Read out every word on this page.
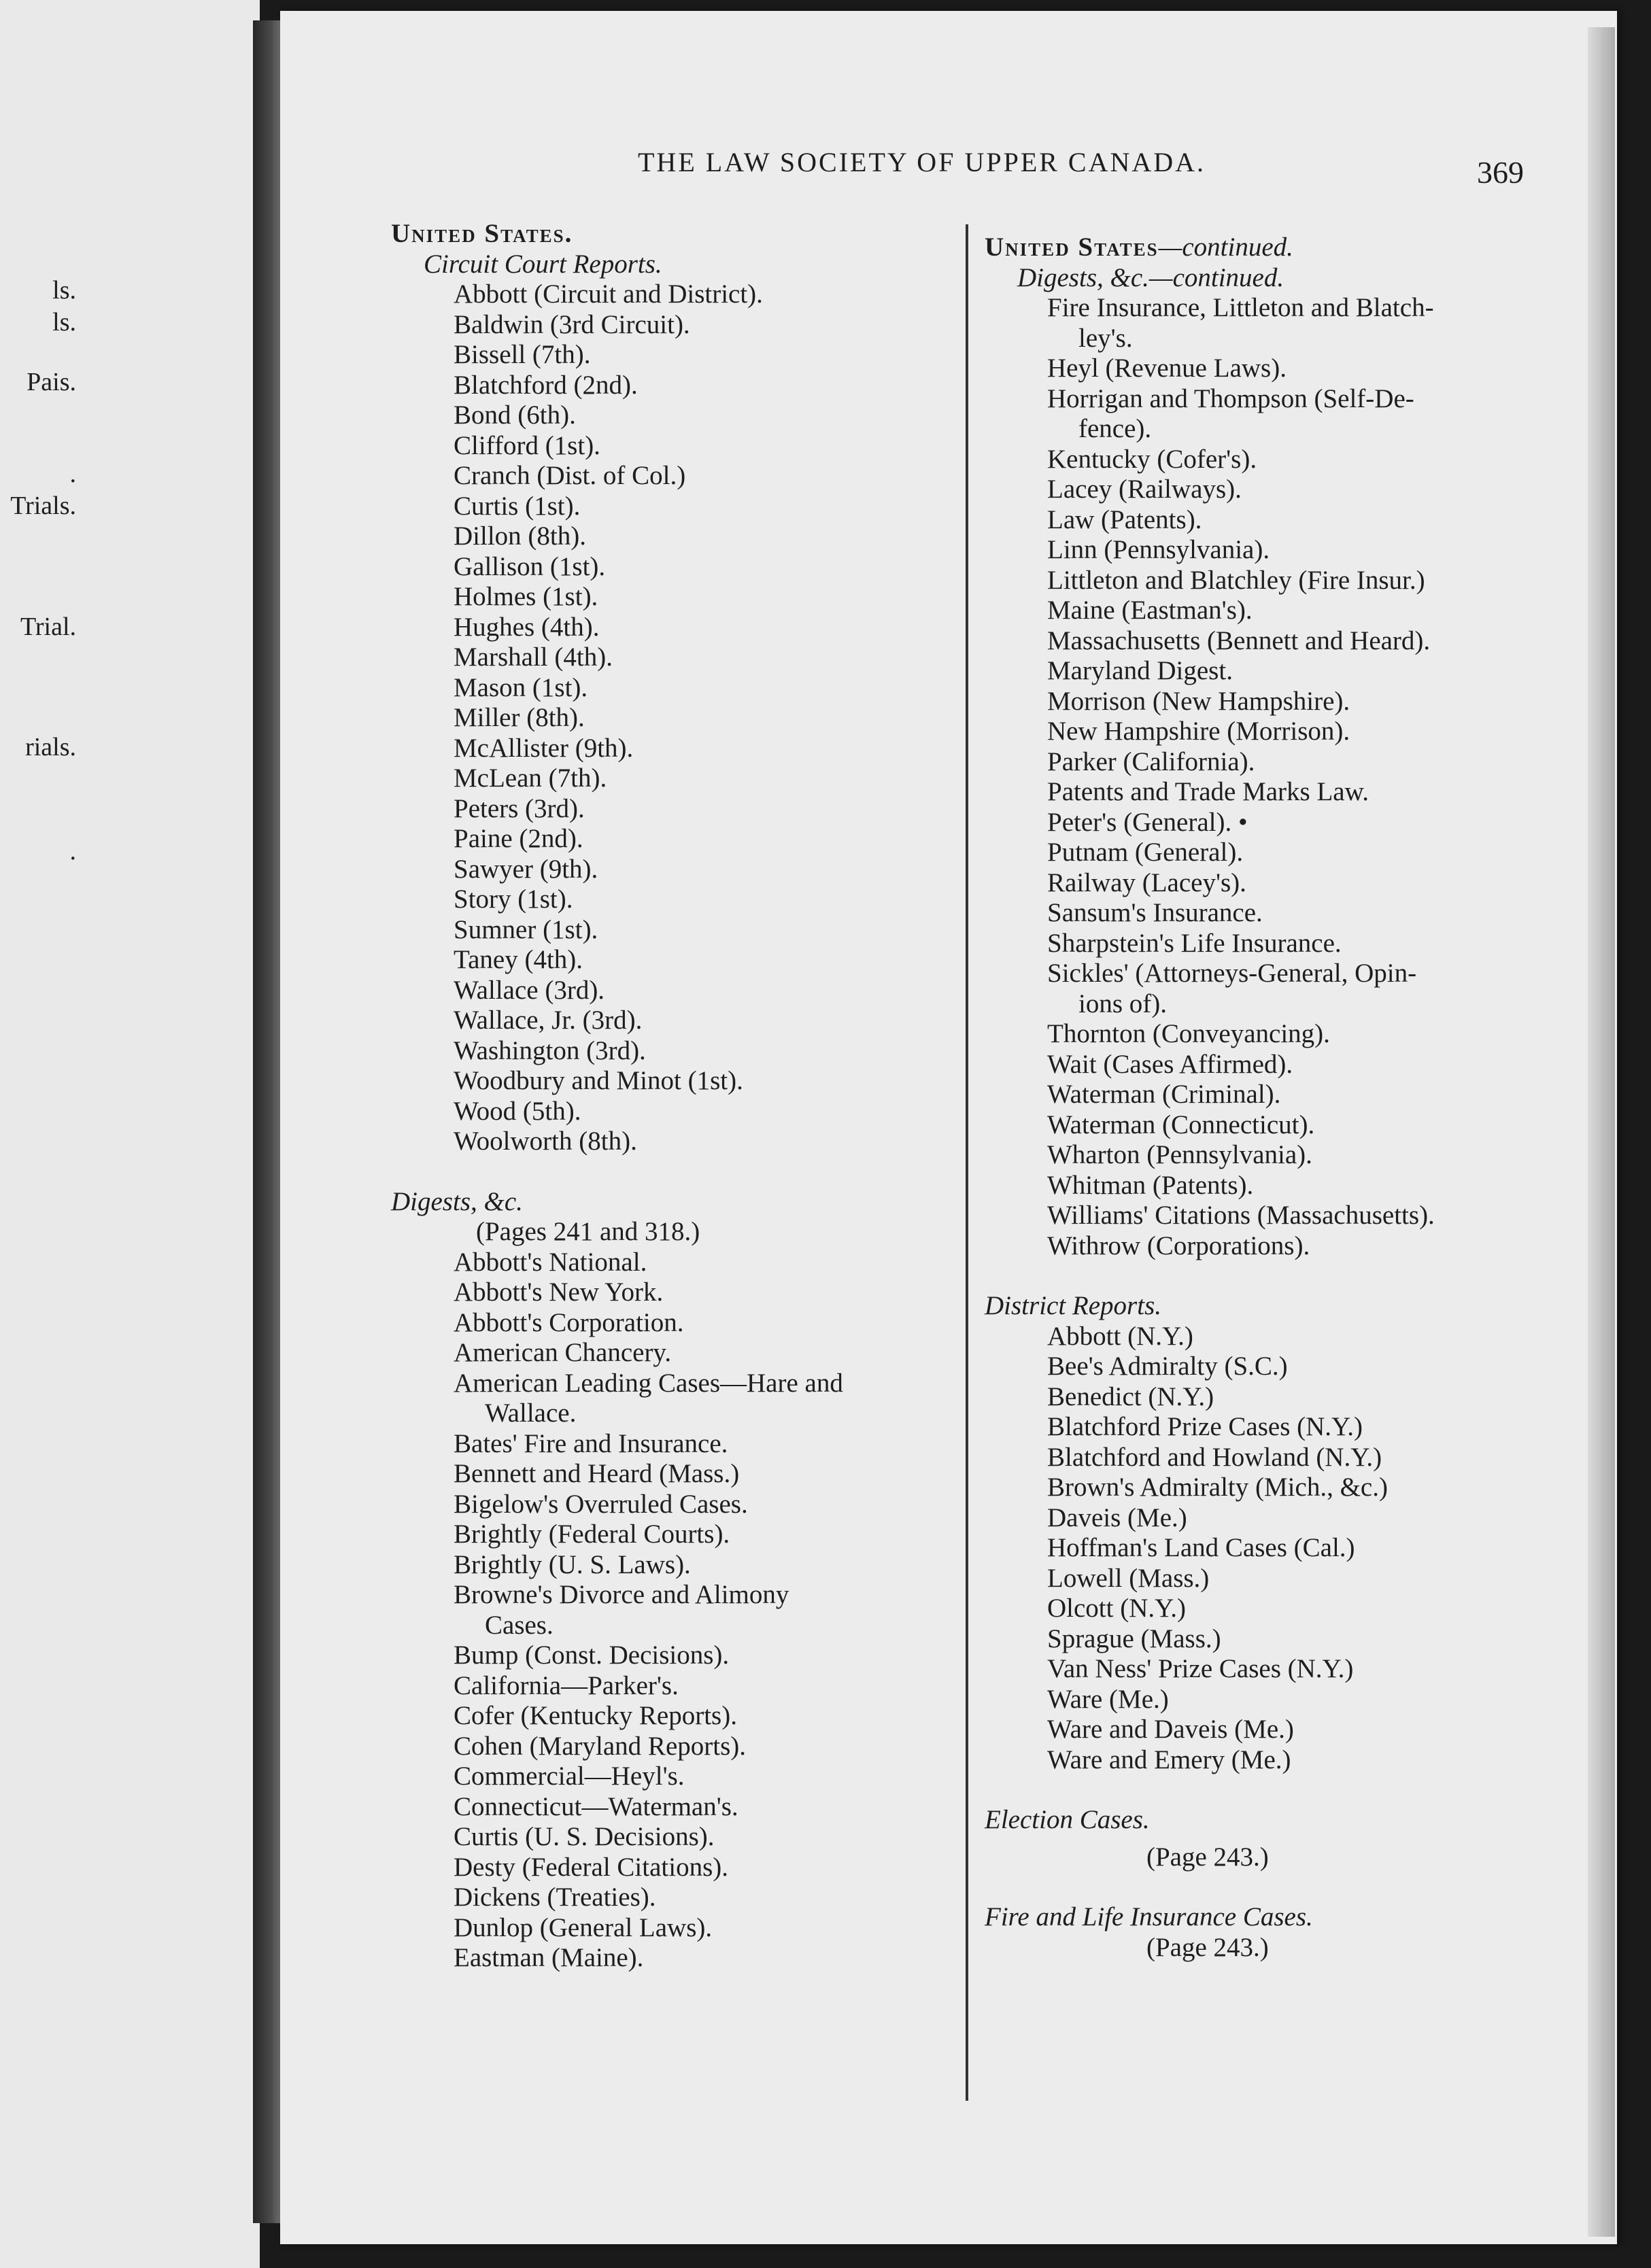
ls.
ls.
Pais.
.
Trials.
Trial.
rials.
.
THE LAW SOCIETY OF UPPER CANADA.	369
United States.
Circuit Court Reports.
Abbott (Circuit and District).
Baldwin (3rd Circuit).
Bissell (7th).
Blatchford (2nd).
Bond (6th).
Clifford (1st).
Cranch (Dist. of Col.)
Curtis (1st).
Dillon (8th).
Gallison (1st).
Holmes (1st).
Hughes (4th).
Marshall (4th).
Mason (1st).
Miller (8th).
McAllister (9th).
McLean (7th).
Peters (3rd).
Paine (2nd).
Sawyer (9th).
Story (1st).
Sumner (1st).
Taney (4th).
Wallace (3rd).
Wallace, Jr. (3rd).
Washington (3rd).
Woodbury and Minot (1st).
Wood (5th).
Woolworth (8th).
Digests, &c.
(Pages 241 and 318.)
Abbott's National.
Abbott's New York.
Abbott's Corporation.
American Chancery.
American Leading Cases—Hare and
Wallace.
Bates' Fire and Insurance.
Bennett and Heard (Mass.)
Bigelow's Overruled Cases.
Brightly (Federal Courts).
Brightly (U. S. Laws).
Browne's Divorce and Alimony
Cases.
Bump (Const. Decisions).
California—Parker's.
Cofer (Kentucky Reports).
Cohen (Maryland Reports).
Commercial—Heyl's.
Connecticut—Waterman's.
Curtis (U. S. Decisions).
Desty (Federal Citations).
Dickens (Treaties).
Dunlop (General Laws).
Eastman (Maine).
United States—continued.
Digests, &c.—continued.
Fire Insurance, Littleton and Blatch-
ley's.
Heyl (Revenue Laws).
Horrigan and Thompson (Self-De-
fence).
Kentucky (Cofer's).
Lacey (Railways).
Law (Patents).
Linn (Pennsylvania).
Littleton and Blatchley (Fire Insur.)
Maine (Eastman's).
Massachusetts (Bennett and Heard).
Maryland Digest.
Morrison (New Hampshire).
New Hampshire (Morrison).
Parker (California).
Patents and Trade Marks Law.
Peter's (General). •
Putnam (General).
Railway (Lacey's).
Sansum's Insurance.
Sharpstein's Life Insurance.
Sickles' (Attorneys-General, Opin-
ions of).
Thornton (Conveyancing).
Wait (Cases Affirmed).
Waterman (Criminal).
Waterman (Connecticut).
Wharton (Pennsylvania).
Whitman (Patents).
Williams' Citations (Massachusetts).
Withrow (Corporations).
District Reports.
Abbott (N.Y.)
Bee's Admiralty (S.C.)
Benedict (N.Y.)
Blatchford Prize Cases (N.Y.)
Blatchford and Howland (N.Y.)
Brown's Admiralty (Mich., &c.)
Daveis (Me.)
Hoffman's Land Cases (Cal.)
Lowell (Mass.)
Olcott (N.Y.)
Sprague (Mass.)
Van Ness' Prize Cases (N.Y.)
Ware (Me.)
Ware and Daveis (Me.)
Ware and Emery (Me.)
Election Cases.
(Page 243.)
Fire and Life Insurance Cases.
(Page 243.)
